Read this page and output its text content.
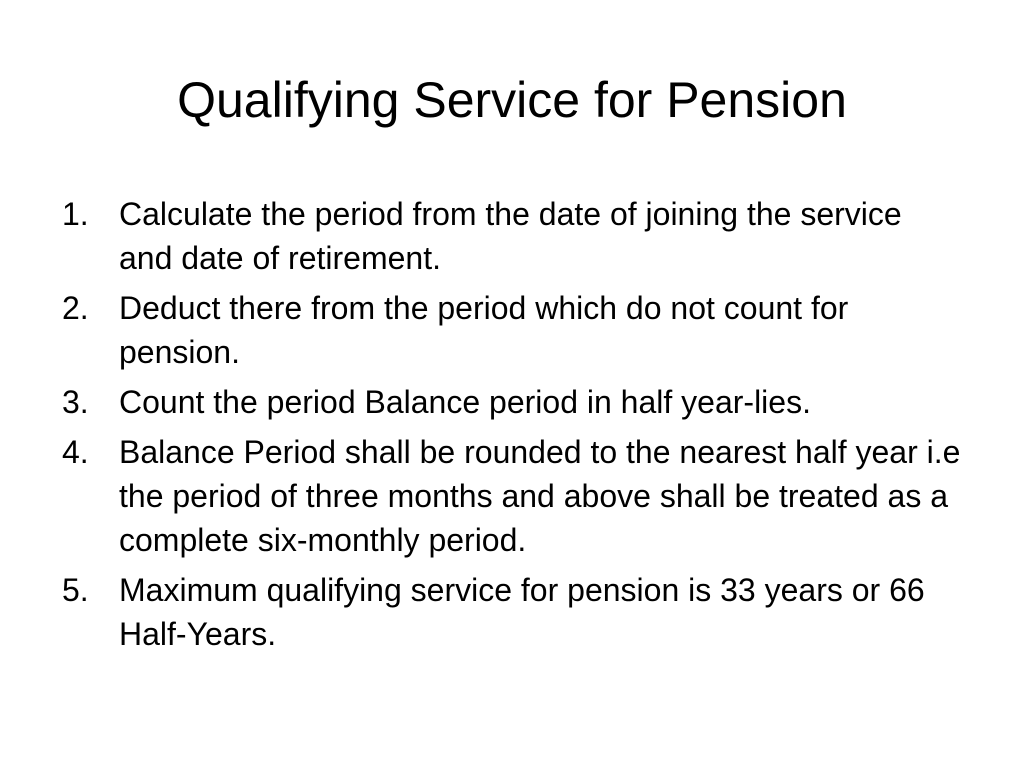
Qualifying Service for Pension
1. Calculate the period from the date of joining the service and date of retirement.
2. Deduct there from the period which do not count for pension.
3. Count the period Balance period in half year-lies.
4. Balance Period shall be rounded to the nearest half year i.e the period of three months and above shall be treated as a complete six-monthly period.
5. Maximum qualifying service for pension is 33 years or 66 Half-Years.
